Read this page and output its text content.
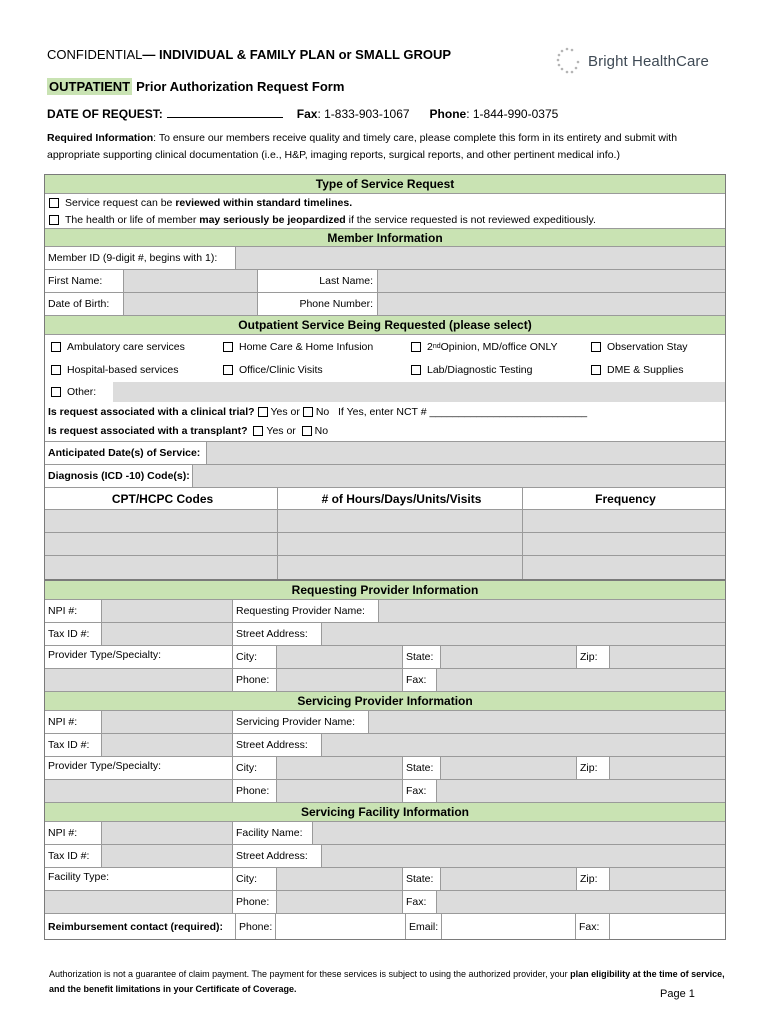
CONFIDENTIAL— INDIVIDUAL & FAMILY PLAN or SMALL GROUP	Bright HealthCare
OUTPATIENT Prior Authorization Request Form
DATE OF REQUEST:	Fax : 1-833-903-1067 Phone : 1-844-990-0375
Required Information: To ensure our members receive quality and timely care, please complete this form in its entirety and submit with appropriate supporting clinical documentation (i.e., H&P, imaging reports, surgical reports, and other pertinent medical info.)
Type of Service Request
Service request can be
reviewed within standard timelines.
The health or life of member may seriously be jeopardized if the service requested is not reviewed expeditiously.
Member Information
Member ID (9-digit #, begins with 1):
First Name:	Last Name:
Date of Birth:	Phone Number:
Outpatient Service Being Requested (please select)
Ambulatory care services	Home Care & Home Infusion	2 nd Opinion, MD/office ONLY	Observation Stay
Hospital-based services	Office/Clinic Visits	Lab/Diagnostic Testing	DME & Supplies
Other:
Is request associated with a clinical trial?
Yes or
No
If Yes, enter NCT # ___________________________
Is request associated with a transplant?
Yes or
No
Anticipated Date(s) of Service:
Diagnosis (ICD -10) Code(s):
CPT/HCPC Codes	# of Hours/Days/Units/Visits	Frequency
Requesting Provider Information
NPI #:	Requesting Provider Name:
Tax ID #:	Street Address:
Provider Type/Specialty:	City:	State:	Zip:
Phone:	Fax:
Servicing Provider Information
NPI #:	Servicing Provider Name:
Tax ID #:	Street Address:
Provider Type/Specialty:	City:	State:	Zip:
Phone:	Fax:
Servicing Facility Information
NPI #:	Facility Name:
Tax ID #:	Street Address:
Facility Type:	City:	State:	Zip:
Phone:	Fax:
Reimbursement contact (required):	Phone:	Email:	Fax:
Authorization is not a guarantee of claim payment. The payment for these services is subject to using the authorized provider, your plan eligibility at the time of service, and the benefit limitations in your Certificate of Coverage.	Page 1
